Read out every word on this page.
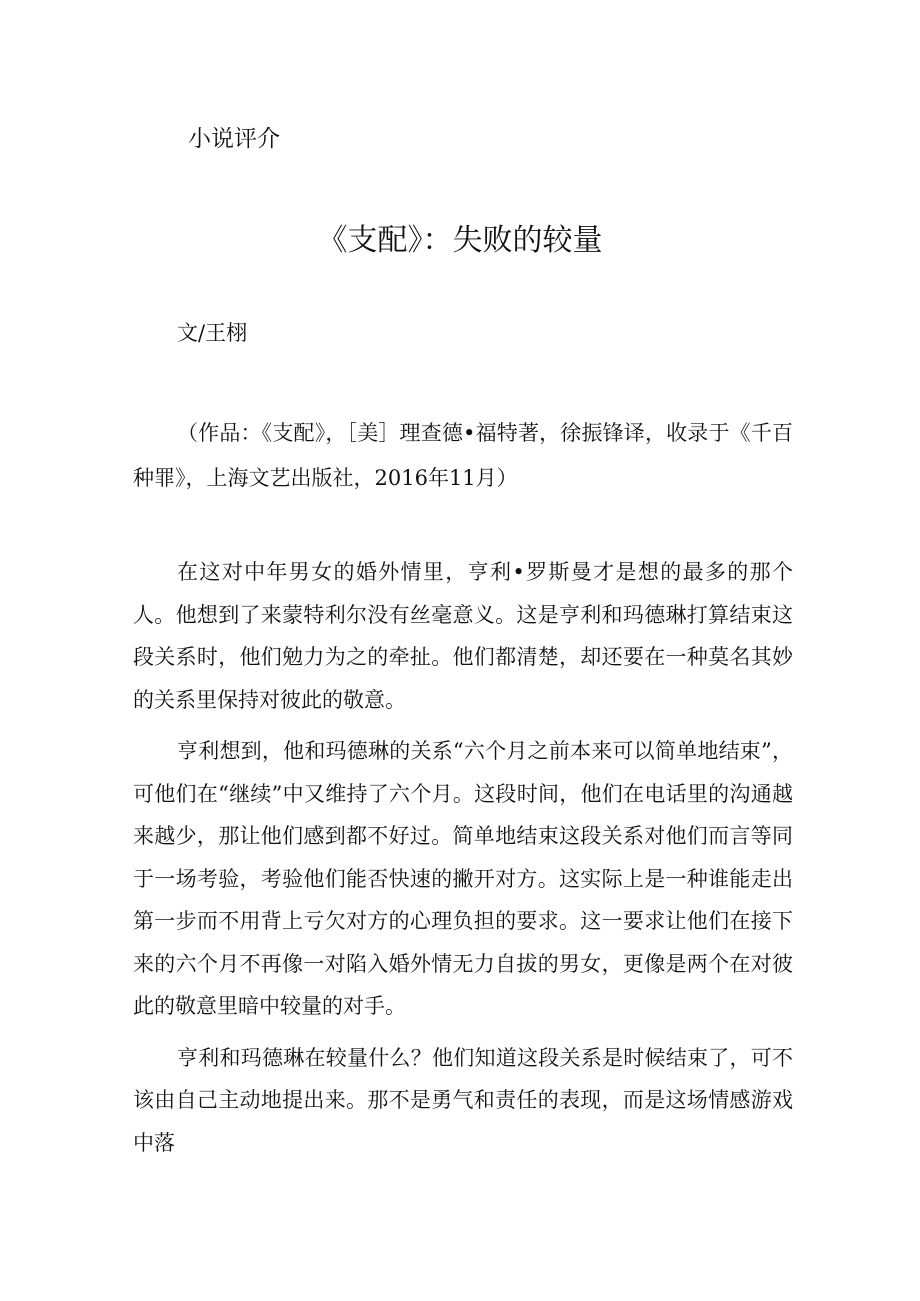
小说评介
《支配》：失败的较量
文/王栩

（作品：《支配》，［美］理查德•福特著，徐振锋译，收录于《千百种罪》，上海文艺出版社，2016年11月）

在这对中年男女的婚外情里，亨利•罗斯曼才是想的最多的那个人。他想到了来蒙特利尔没有丝毫意义。这是亨利和玛德琳打算结束这段关系时，他们勉力为之的牵扯。他们都清楚，却还要在一种莫名其妙的关系里保持对彼此的敬意。

亨利想到，他和玛德琳的关系“六个月之前本来可以简单地结束”，可他们在“继续”中又维持了六个月。这段时间，他们在电话里的沟通越来越少，那让他们感到都不好过。简单地结束这段关系对他们而言等同于一场考验，考验他们能否快速的撇开对方。这实际上是一种谁能走出第一步而不用背上亏欠对方的心理负担的要求。这一要求让他们在接下来的六个月不再像一对陷入婚外情无力自拔的男女，更像是两个在对彼此的敬意里暗中较量的对手。

亨利和玛德琳在较量什么？他们知道这段关系是时候结束了，可不该由自己主动地提出来。那不是勇气和责任的表现，而是这场情感游戏中落
